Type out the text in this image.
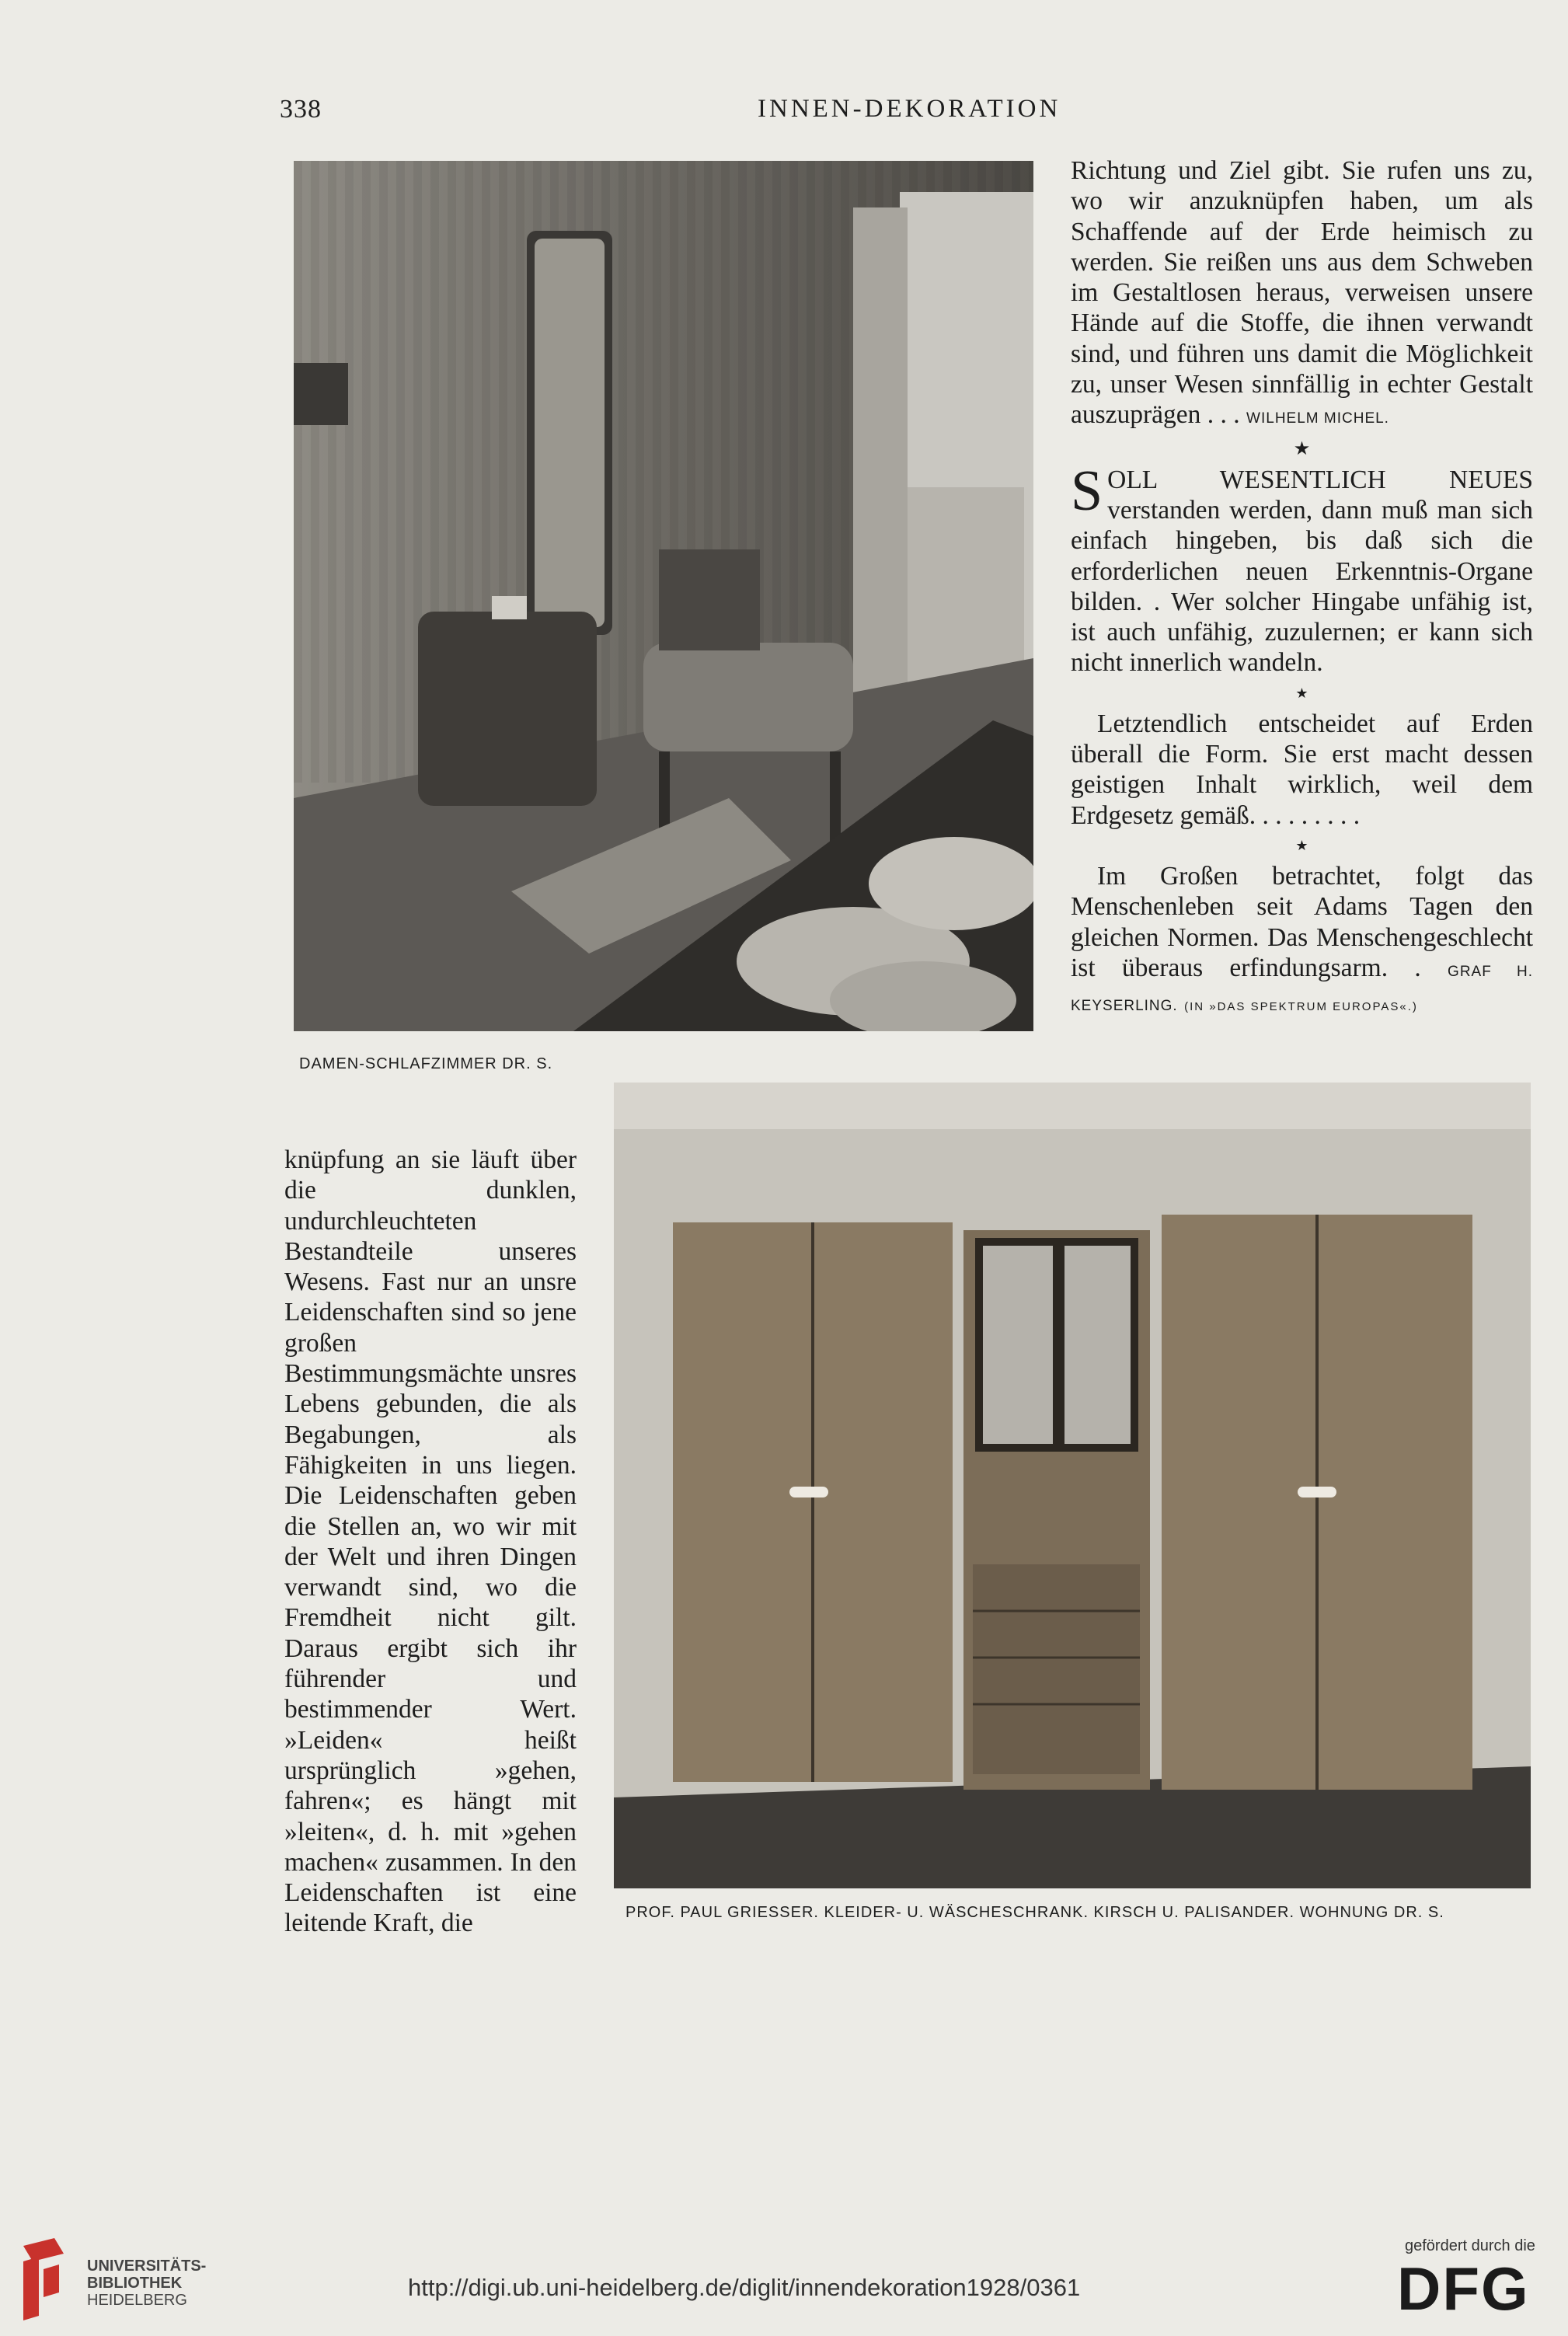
338	INNEN-DEKORATION
DAMEN-SCHLAFZIMMER DR. S.

Richtung und Ziel gibt. Sie rufen uns zu, wo wir anzuknüpfen haben, um als Schaffende auf der Erde heimisch zu werden. Sie reißen uns aus dem Schweben im Gestaltlosen heraus, verweisen unsere Hände auf die Stoffe, die ihnen verwandt sind, und führen uns damit die Möglichkeit zu, unser Wesen sinnfällig in echter Gestalt auszuprägen . . . WILHELM MICHEL.

★

SOLL WESENTLICH NEUES verstanden werden, dann muß man sich einfach hingeben, bis daß sich die erforderlichen neuen Erkenntnis-Organe bilden. . Wer solcher Hingabe unfähig ist, ist auch unfähig, zuzulernen; er kann sich nicht innerlich wandeln.

★

Letztendlich entscheidet auf Erden überall die Form. Sie erst macht dessen geistigen Inhalt wirklich, weil dem Erdgesetz gemäß. . . . . . . . .

★

Im Großen betrachtet, folgt das Menschenleben seit Adams Tagen den gleichen Normen. Das Menschengeschlecht ist überaus erfindungsarm. . GRAF H. KEYSERLING. (IN »DAS SPEKTRUM EUROPAS«.)

knüpfung an sie läuft über die dunklen, undurchleuchteten Bestandteile unseres Wesens. Fast nur an unsre Leidenschaften sind so jene großen Bestimmungsmächte unsres Lebens gebunden, die als Begabungen, als Fähigkeiten in uns liegen. Die Leidenschaften geben die Stellen an, wo wir mit der Welt und ihren Dingen verwandt sind, wo die Fremdheit nicht gilt. Daraus ergibt sich ihr führender und bestimmender Wert. »Leiden« heißt ursprünglich »gehen, fahren«; es hängt mit »leiten«, d. h. mit »gehen machen« zusammen. In den Leidenschaften ist eine leitende Kraft, die	PROF. PAUL GRIESSER. KLEIDER- U. WÄSCHESCHRANK. KIRSCH U. PALISANDER. WOHNUNG DR. S.
UNIVERSITÄTS-
BIBLIOTHEK
HEIDELBERG	http://digi.ub.uni-heidelberg.de/diglit/innendekoration1928/0361
gefördert durch die
DFG
